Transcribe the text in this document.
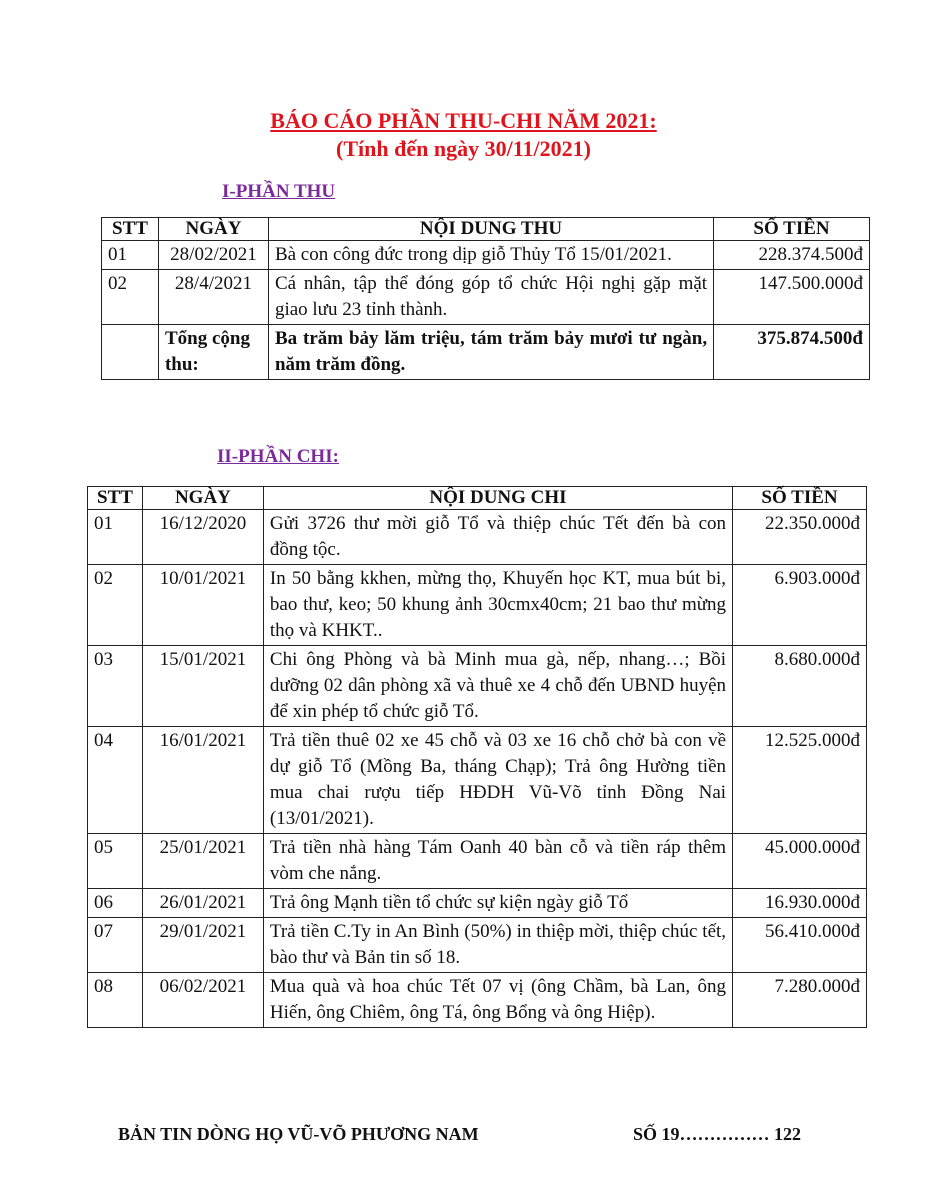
BÁO CÁO PHẦN THU-CHI NĂM 2021:
(Tính đến ngày 30/11/2021)
I-PHẦN THU
STT	NGÀY	NỘI DUNG THU	SỐ TIỀN
01	28/02/2021	Bà con công đức trong dịp giỗ Thủy Tổ 15/01/2021.	228.374.500đ
02	28/4/2021	Cá nhân, tập thể đóng góp tổ chức Hội nghị gặp mặt giao lưu 23 tỉnh thành.	147.500.000đ
	Tổng cộng thu:	Ba trăm bảy lăm triệu, tám trăm bảy mươi tư ngàn, năm trăm đồng.	375.874.500đ
II-PHẦN CHI:
STT	NGÀY	NỘI DUNG CHI	SỐ TIỀN
01	16/12/2020	Gửi 3726 thư mời giỗ Tổ và thiệp chúc Tết đến bà con đồng tộc.	22.350.000đ
02	10/01/2021	In 50 bằng kkhen, mừng thọ, Khuyến học KT, mua bút bi, bao thư, keo; 50 khung ảnh 30cmx40cm; 21 bao thư mừng thọ và KHKT..	6.903.000đ
03	15/01/2021	Chi ông Phòng và bà Minh mua gà, nếp, nhang…; Bồi dưỡng 02 dân phòng xã và thuê xe 4 chỗ đến UBND huyện để xin phép tổ chức giỗ Tổ.	8.680.000đ
04	16/01/2021	Trả tiền thuê 02 xe 45 chỗ và 03 xe 16 chỗ chở bà con về dự giỗ Tổ (Mồng Ba, tháng Chạp); Trả ông Hường tiền mua chai rượu tiếp HĐDH Vũ-Võ tỉnh Đồng Nai (13/01/2021).	12.525.000đ
05	25/01/2021	Trả tiền nhà hàng Tám Oanh 40 bàn cỗ và tiền ráp thêm vòm che nắng.	45.000.000đ
06	26/01/2021	Trả ông Mạnh tiền tổ chức sự kiện ngày giỗ Tổ	16.930.000đ
07	29/01/2021	Trả tiền C.Ty in An Bình (50%) in thiệp mời, thiệp chúc tết, bào thư và Bản tin số 18.	56.410.000đ
08	06/02/2021	Mua quà và hoa chúc Tết 07 vị (ông Chầm, bà Lan, ông Hiến, ông Chiêm, ông Tá, ông Bổng và ông Hiệp).	7.280.000đ
BẢN TIN DÒNG HỌ VŨ-VÕ PHƯƠNG NAM	SỐ 19…………… 122
